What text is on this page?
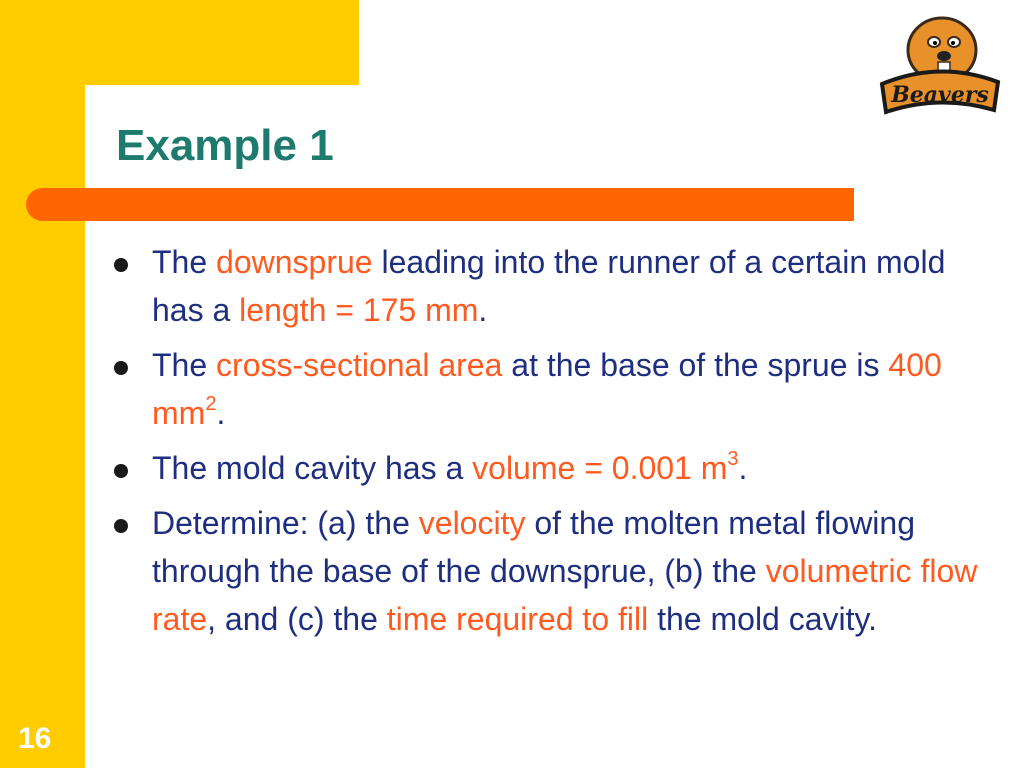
Beavers
Example 1
The downsprue leading into the runner of a certain mold has a length = 175 mm.
The cross-sectional area at the base of the sprue is 400 $mm^2$.
The mold cavity has a volume = 0.001 $m^3$.
Determine: (a) the velocity of the molten metal flowing through the base of the downsprue, (b) the volumetric flow rate, and (c) the time required to fill the mold cavity.
16
